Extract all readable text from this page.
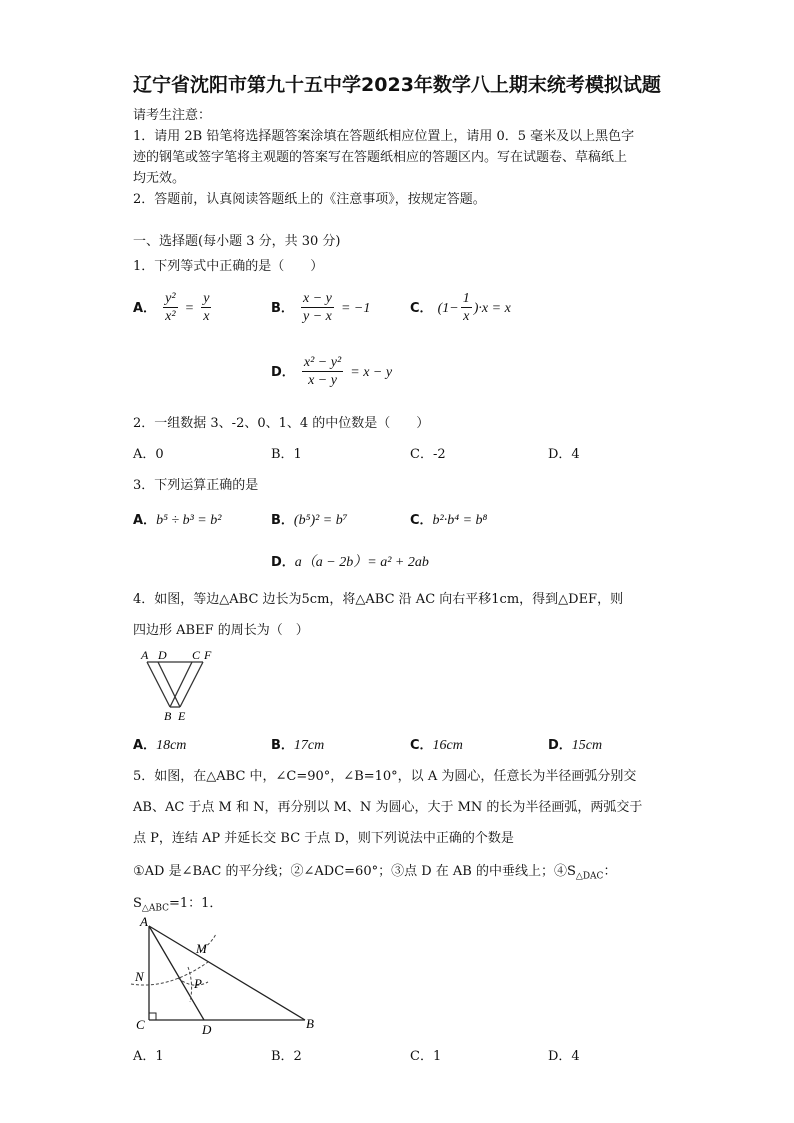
辽宁省沈阳市第九十五中学2023年数学八上期末统考模拟试题
请考生注意：
1．请用 2B 铅笔将选择题答案涂填在答题纸相应位置上，请用 0．5 毫米及以上黑色字
迹的钢笔或签字笔将主观题的答案写在答题纸相应的答题区内。写在试题卷、草稿纸上
均无效。
2．答题前，认真阅读答题纸上的《注意事项》，按规定答题。
一、选择题(每小题 3 分，共 30 分)
1．下列等式中正确的是（　　）
A． $\frac{\text{y²}}{\text{x²}} = \frac{y}{x}$	B． $\frac{x - y}{y - x} = -1$	C． $(1- \frac{1}{x} )\cdot x = x$
D． $\frac{\text{x² − y²}}{x - y} = x - y$
2．一组数据 3、-2、0、1、4 的中位数是（　　）
A．0	B．1	C．-2	D．4
3．下列运算正确的是
A．b⁵ ÷ b³ = b²	B．(b⁵)² = b⁷	C．b²·b⁴ = b⁸
D．a（a − 2b）= a² + 2ab
4．如图，等边△ABC 边长为5cm，将△ABC 沿 AC 向右平移1cm，得到△DEF，则
四边形 ABEF 的周长为（　）
A D C F
B E
A．18cm	B．17cm	C．16cm	D．15cm
5．如图，在△ABC 中，∠C=90°，∠B=10°，以 A 为圆心，任意长为半径画弧分别交
AB、AC 于点 M 和 N，再分别以 M、N 为圆心，大于 MN 的长为半径画弧，两弧交于
点 P，连结 AP 并延长交 BC 于点 D，则下列说法中正确的个数是
①AD 是∠BAC 的平分线；②∠ADC=60°；③点 D 在 AB 的中垂线上；$④S_{\triangle DAC}$：
$S_{\triangle ABC}=1$：1．
A
M
N	P
C	D	B
A．1	B．2	C．1	D．4
